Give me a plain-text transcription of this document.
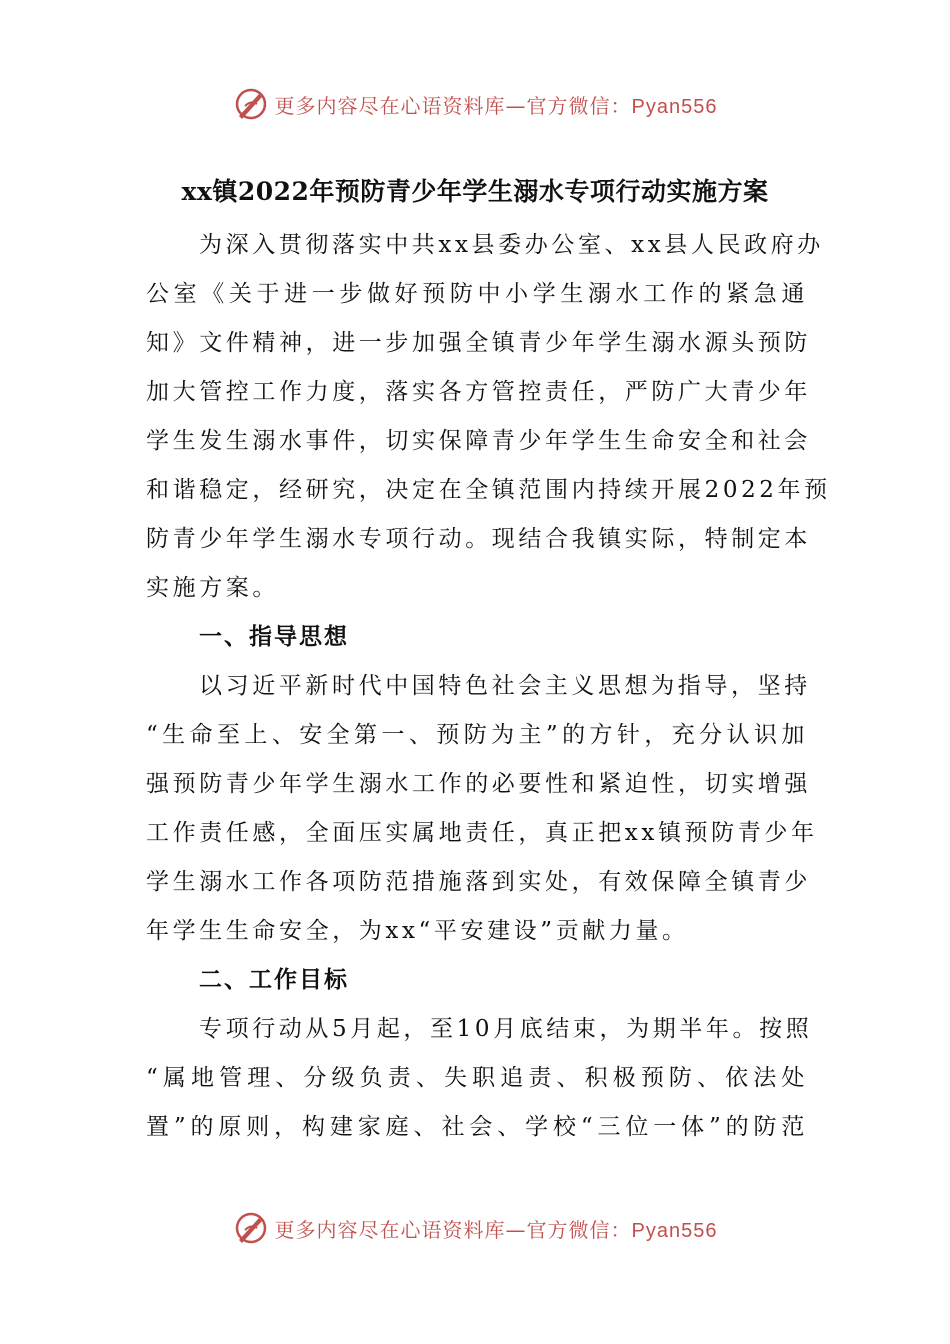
更多内容尽在心语资料库—官方微信：Pyan556
xx镇2022年预防青少年学生溺水专项行动实施方案

为深入贯彻落实中共xx县委办公室、xx县人民政府办
公室《关于进一步做好预防中小学生溺水工作的紧急通
知》文件精神，进一步加强全镇青少年学生溺水源头预防
加大管控工作力度，落实各方管控责任，严防广大青少年
学生发生溺水事件，切实保障青少年学生生命安全和社会
和谐稳定，经研究，决定在全镇范围内持续开展2022年预
防青少年学生溺水专项行动。现结合我镇实际，特制定本
实施方案。

一、指导思想

以习近平新时代中国特色社会主义思想为指导，坚持
“生命至上、安全第一、预防为主”的方针，充分认识加
强预防青少年学生溺水工作的必要性和紧迫性，切实增强
工作责任感，全面压实属地责任，真正把xx镇预防青少年
学生溺水工作各项防范措施落到实处，有效保障全镇青少
年学生生命安全，为xx“平安建设”贡献力量。

二、工作目标

专项行动从5月起，至10月底结束，为期半年。按照
“属地管理、分级负责、失职追责、积极预防、依法处
置”的原则，构建家庭、社会、学校“三位一体”的防范

更多内容尽在心语资料库—官方微信：Pyan556
